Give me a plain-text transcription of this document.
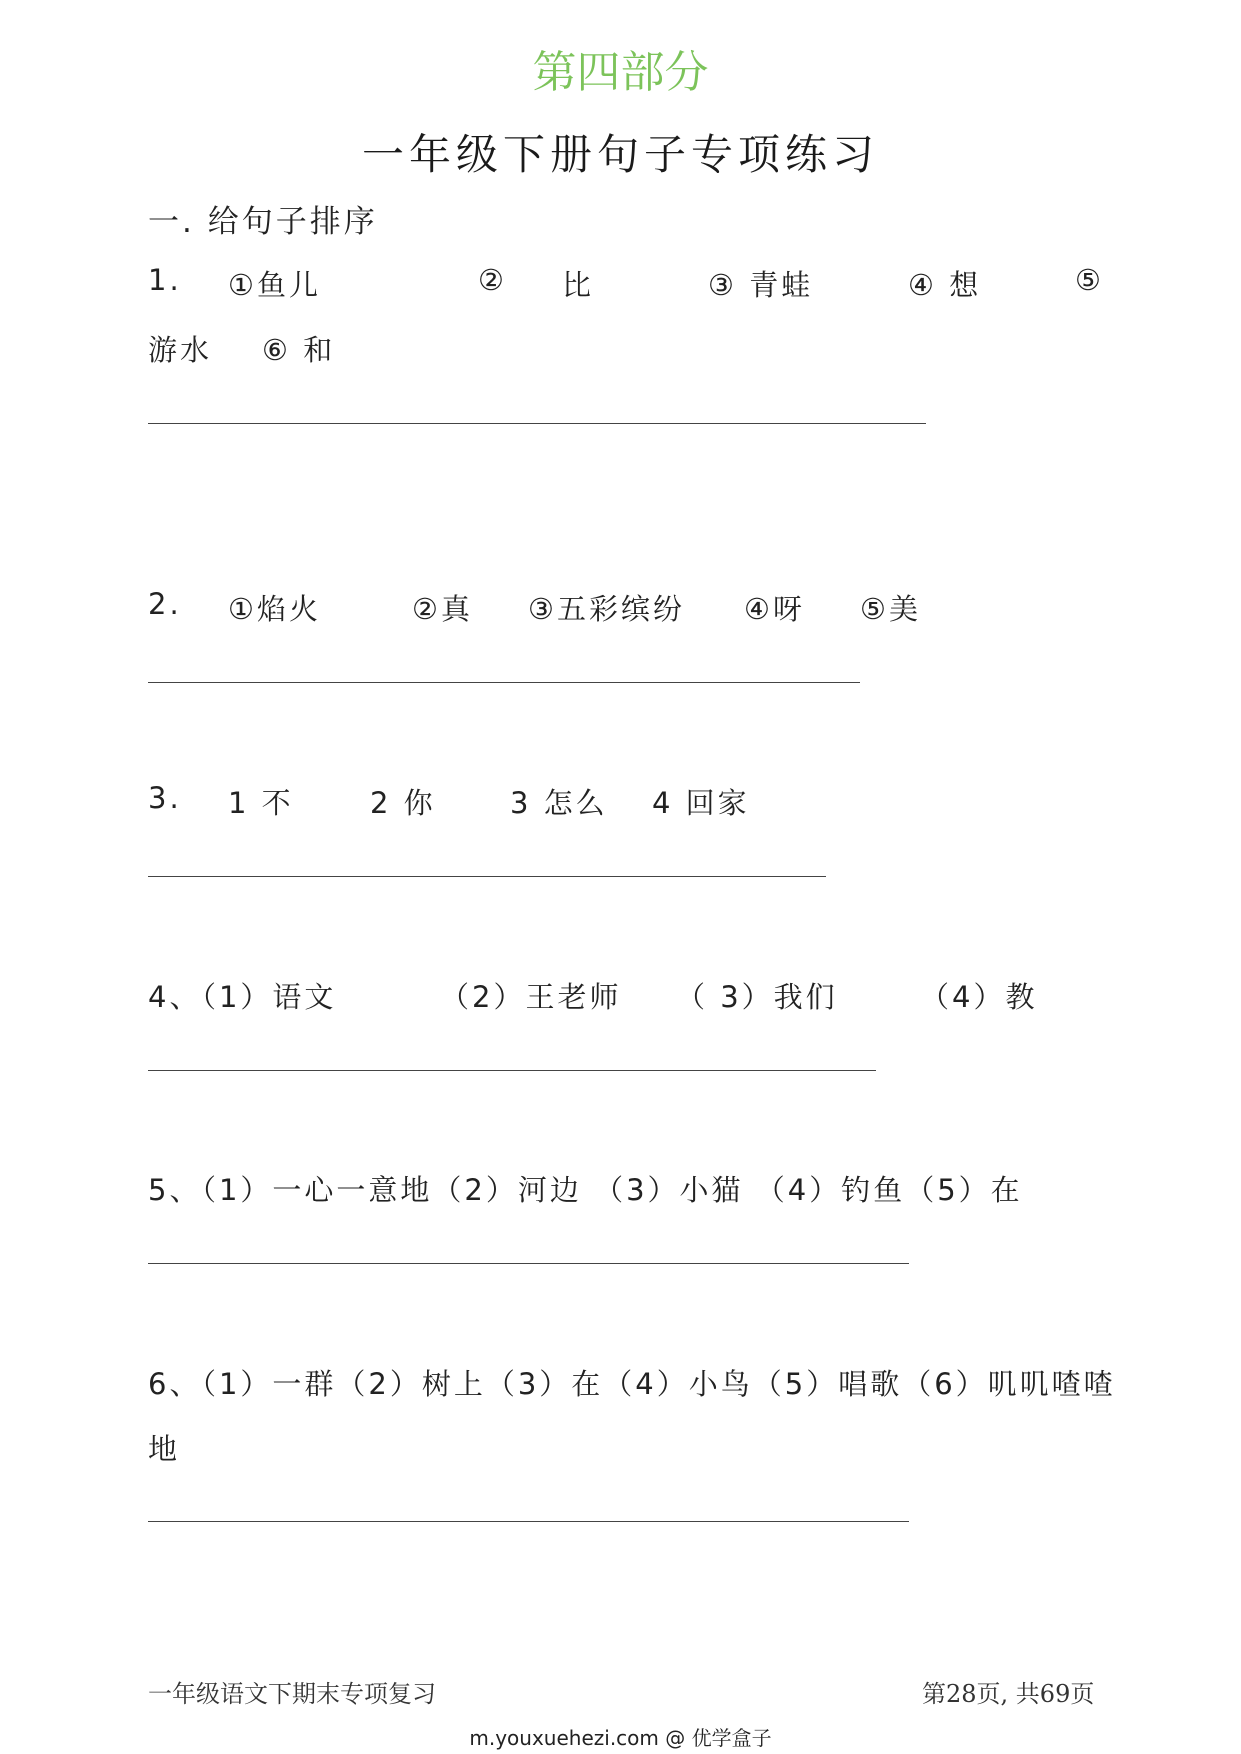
第四部分
一年级下册句子专项练习
一. 给句子排序
1. ①鱼儿	② 比	③ 青蛙	④ 想	⑤
游水 ⑥ 和
2. ①焰火	②真 ③五彩缤纷 ④呀 ⑤美
3. 1 不	2 你	3 怎么 4 回家
4、（1）语文	（2）王老师 （ 3）我们	（4）教
5、（1）一心一意地（2）河边 （3）小猫 （4）钓鱼（5）在
6、（1）一群（2）树上（3）在（4）小鸟（5）唱歌（6）叽叽喳喳
地
一年级语文下期末专项复习	第28页, 共69页
m.youxuehezi.com @ 优学盒子
